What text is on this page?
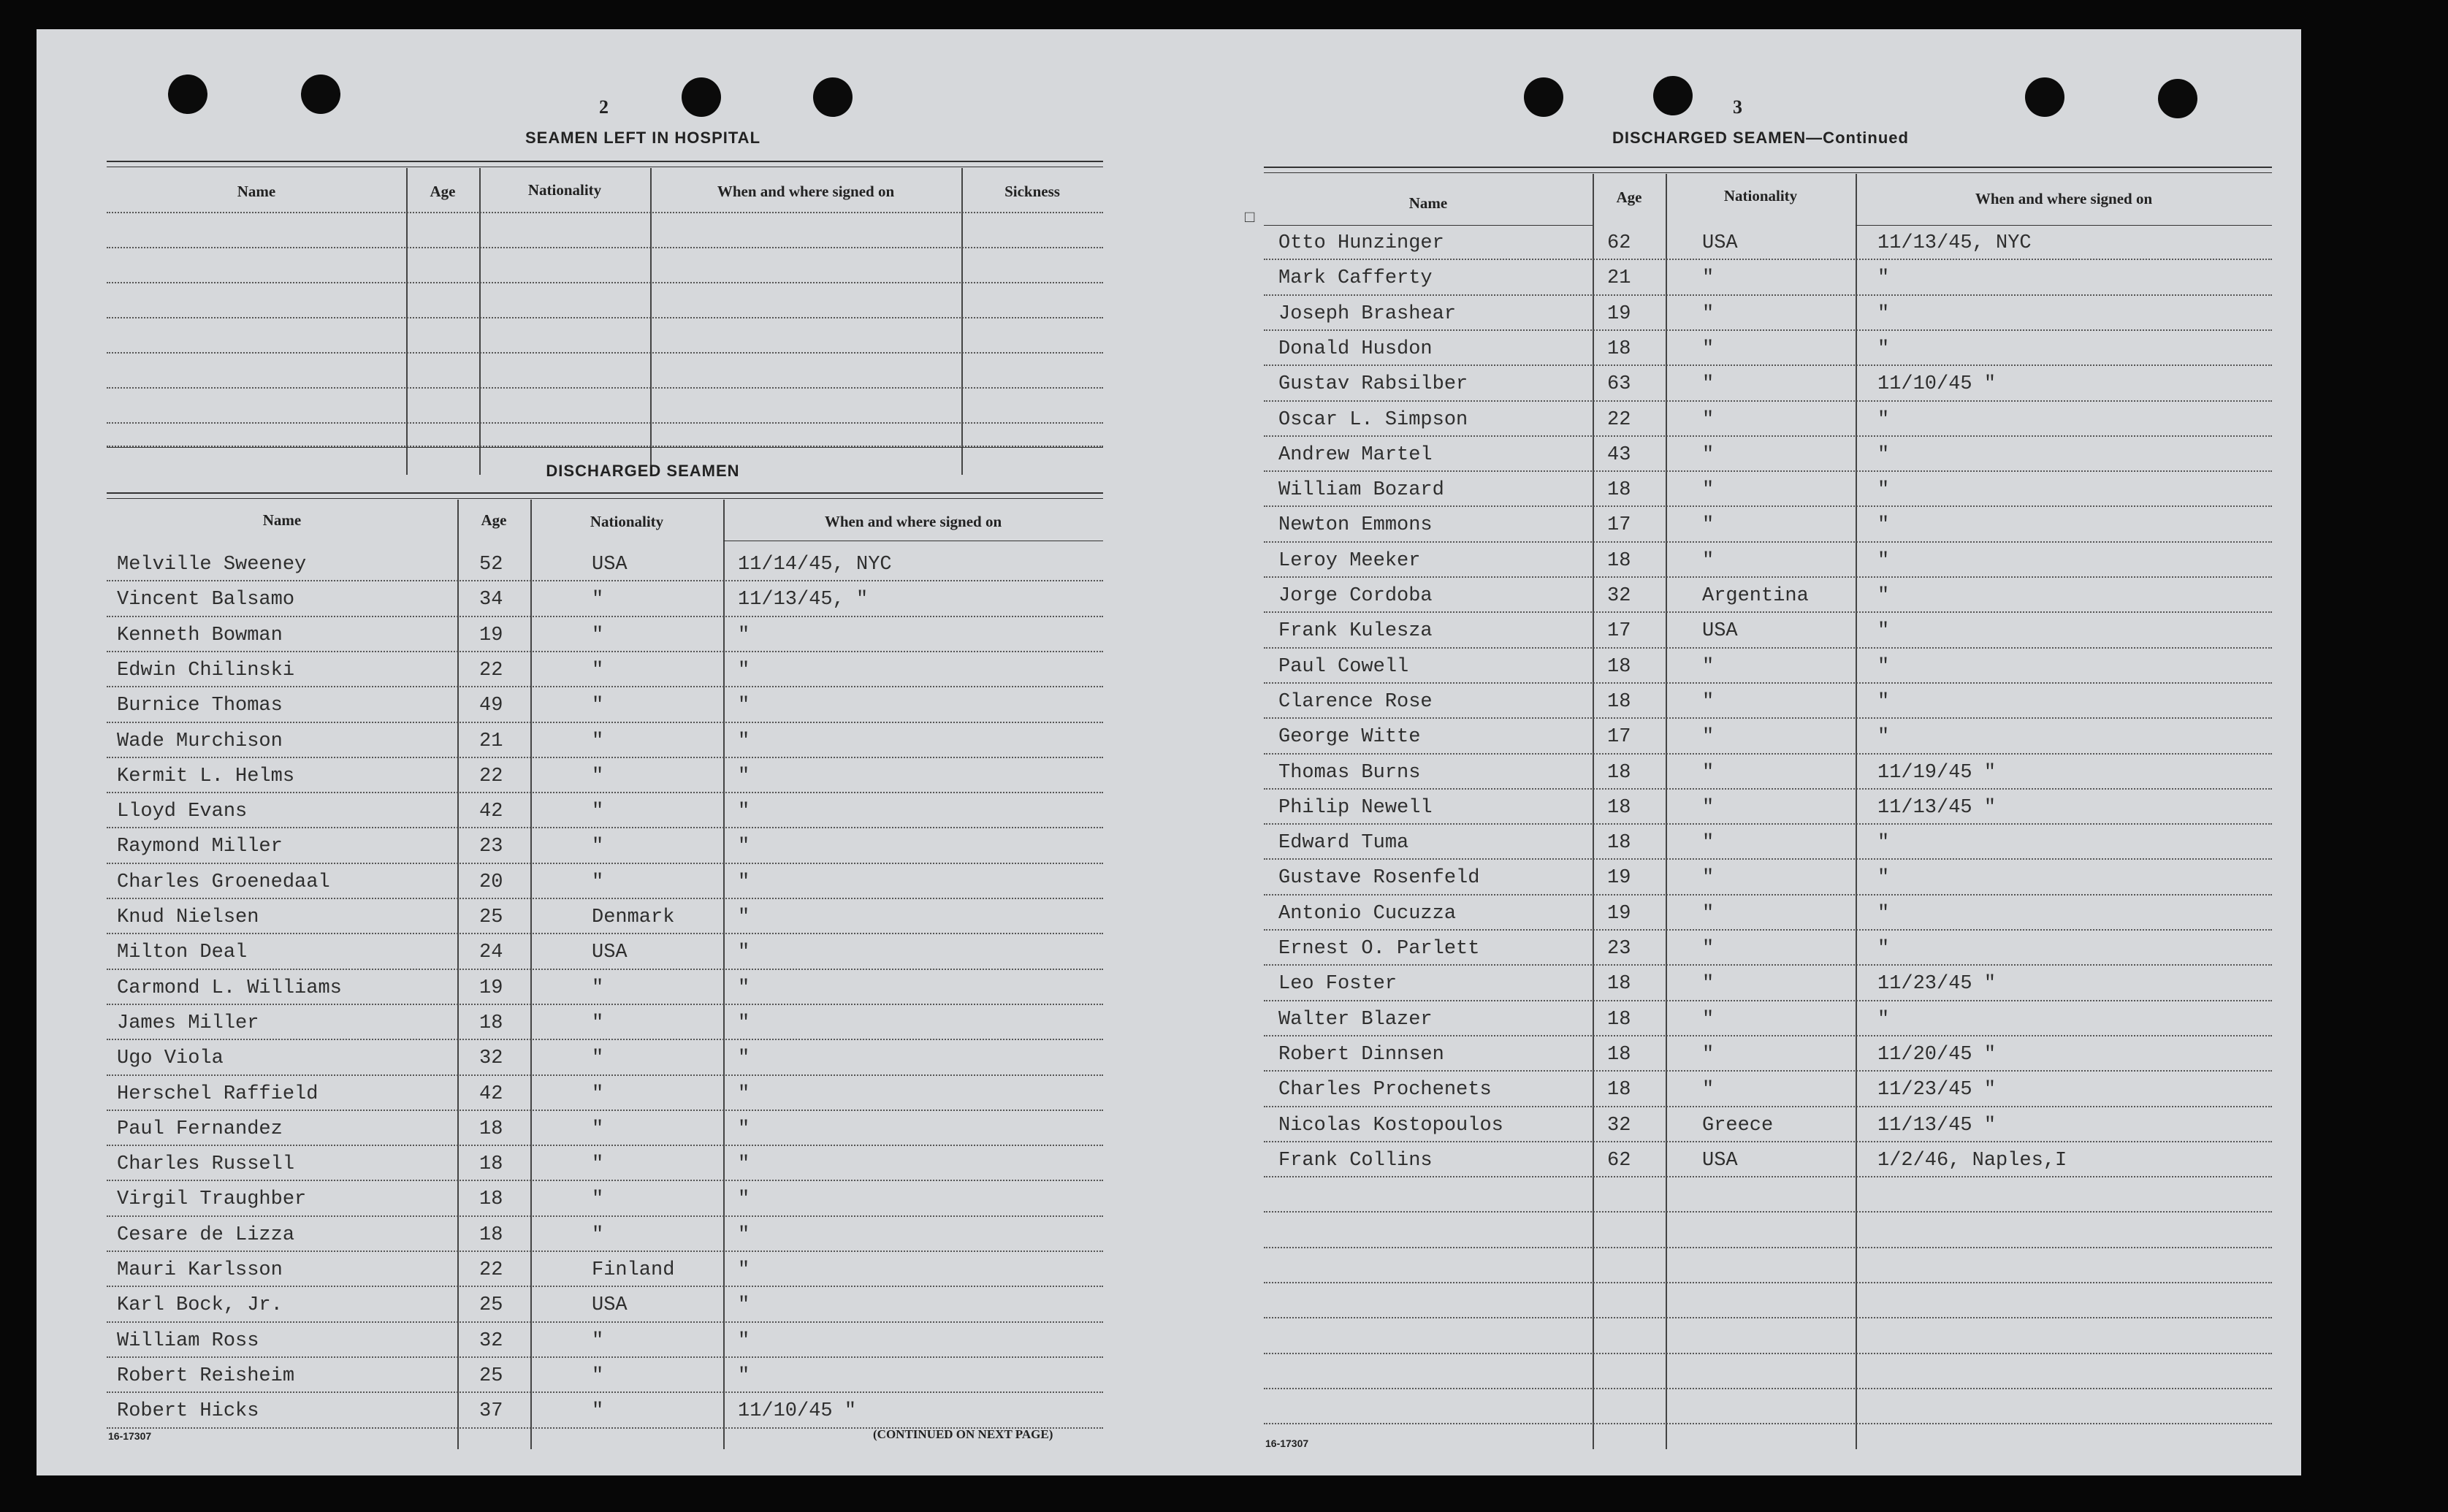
2
SEAMEN LEFT IN HOSPITAL
Name	Age	Nationality	When and where signed on	Sickness
DISCHARGED SEAMEN
Name	Age	Nationality	When and where signed on
Melville Sweeney	52	USA	11/14/45, NYC
Vincent Balsamo	34	"	11/13/45, "
Kenneth Bowman	19	"	"
Edwin Chilinski	22	"	"
Burnice Thomas	49	"	"
Wade Murchison	21	"	"
Kermit L. Helms	22	"	"
Lloyd Evans	42	"	"
Raymond Miller	23	"	"
Charles Groenedaal	20	"	"
Knud Nielsen	25	Denmark	"
Milton Deal	24	USA	"
Carmond L. Williams	19	"	"
James Miller	18	"	"
Ugo Viola	32	"	"
Herschel Raffield	42	"	"
Paul Fernandez	18	"	"
Charles Russell	18	"	"
Virgil Traughber	18	"	"
Cesare de Lizza	18	"	"
Mauri Karlsson	22	Finland	"
Karl Bock, Jr.	25	USA	"
William Ross	32	"	"
Robert Reisheim	25	"	"
Robert Hicks	37	"	11/10/45 "
16-17307	(CONTINUED ON NEXT PAGE)
3
DISCHARGED SEAMEN—Continued
□
Name	Age	Nationality	When and where signed on
Otto Hunzinger	62	USA	11/13/45, NYC
Mark Cafferty	21	"	"
Joseph Brashear	19	"	"
Donald Husdon	18	"	"
Gustav Rabsilber	63	"	11/10/45 "
Oscar L. Simpson	22	"	"
Andrew Martel	43	"	"
William Bozard	18	"	"
Newton Emmons	17	"	"
Leroy Meeker	18	"	"
Jorge Cordoba	32	Argentina	"
Frank Kulesza	17	USA	"
Paul Cowell	18	"	"
Clarence Rose	18	"	"
George Witte	17	"	"
Thomas Burns	18	"	11/19/45 "
Philip Newell	18	"	11/13/45 "
Edward Tuma	18	"	"
Gustave Rosenfeld	19	"	"
Antonio Cucuzza	19	"	"
Ernest O. Parlett	23	"	"
Leo Foster	18	"	11/23/45 "
Walter Blazer	18	"	"
Robert Dinnsen	18	"	11/20/45 "
Charles Prochenets	18	"	11/23/45 "
Nicolas Kostopoulos	32	Greece	11/13/45 "
Frank Collins	62	USA	1/2/46, Naples,I
16-17307
